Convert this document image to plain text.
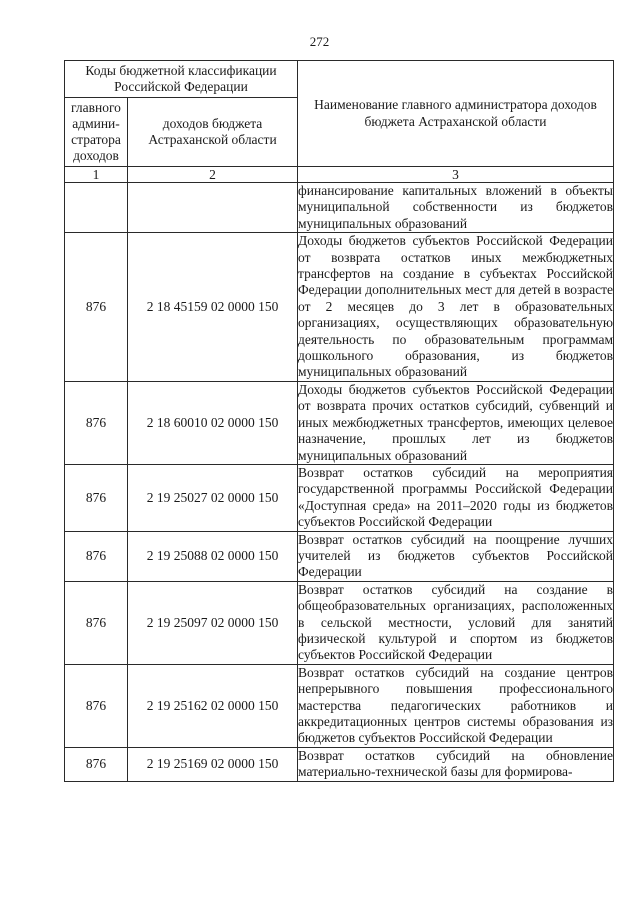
272
Коды бюджетной классификации Российской Федерации		Наименование главного администратора доходов бюджета Астраханской области
главного админи-стратора доходов	доходов бюджета Астраханской области	
1	2	3
		финансирование капитальных вложений в объекты муниципальной собственности из бюджетов муниципальных образований
876	2 18 45159 02 0000 150	Доходы бюджетов субъектов Российской Федерации от возврата остатков иных межбюджетных трансфертов на создание в субъектах Российской Федерации дополнительных мест для детей в возрасте от 2 месяцев до 3 лет в образовательных организациях, осуществляющих образовательную деятельность по образовательным программам дошкольного образования, из бюджетов муниципальных образований
876	2 18 60010 02 0000 150	Доходы бюджетов субъектов Российской Федерации от возврата прочих остатков субсидий, субвенций и иных межбюджетных трансфертов, имеющих целевое назначение, прошлых лет из бюджетов муниципальных образований
876	2 19 25027 02 0000 150	Возврат остатков субсидий на мероприятия государственной программы Российской Федерации «Доступная среда» на 2011–2020 годы из бюджетов субъектов Российской Федерации
876	2 19 25088 02 0000 150	Возврат остатков субсидий на поощрение лучших учителей из бюджетов субъектов Российской Федерации
876	2 19 25097 02 0000 150	Возврат остатков субсидий на создание в общеобразовательных организациях, расположенных в сельской местности, условий для занятий физической культурой и спортом из бюджетов субъектов Российской Федерации
876	2 19 25162 02 0000 150	Возврат остатков субсидий на создание центров непрерывного повышения профессионального мастерства педагогических работников и аккредитационных центров системы образования из бюджетов субъектов Российской Федерации
876	2 19 25169 02 0000 150	Возврат остатков субсидий на обновление материально-технической базы для формирова-
